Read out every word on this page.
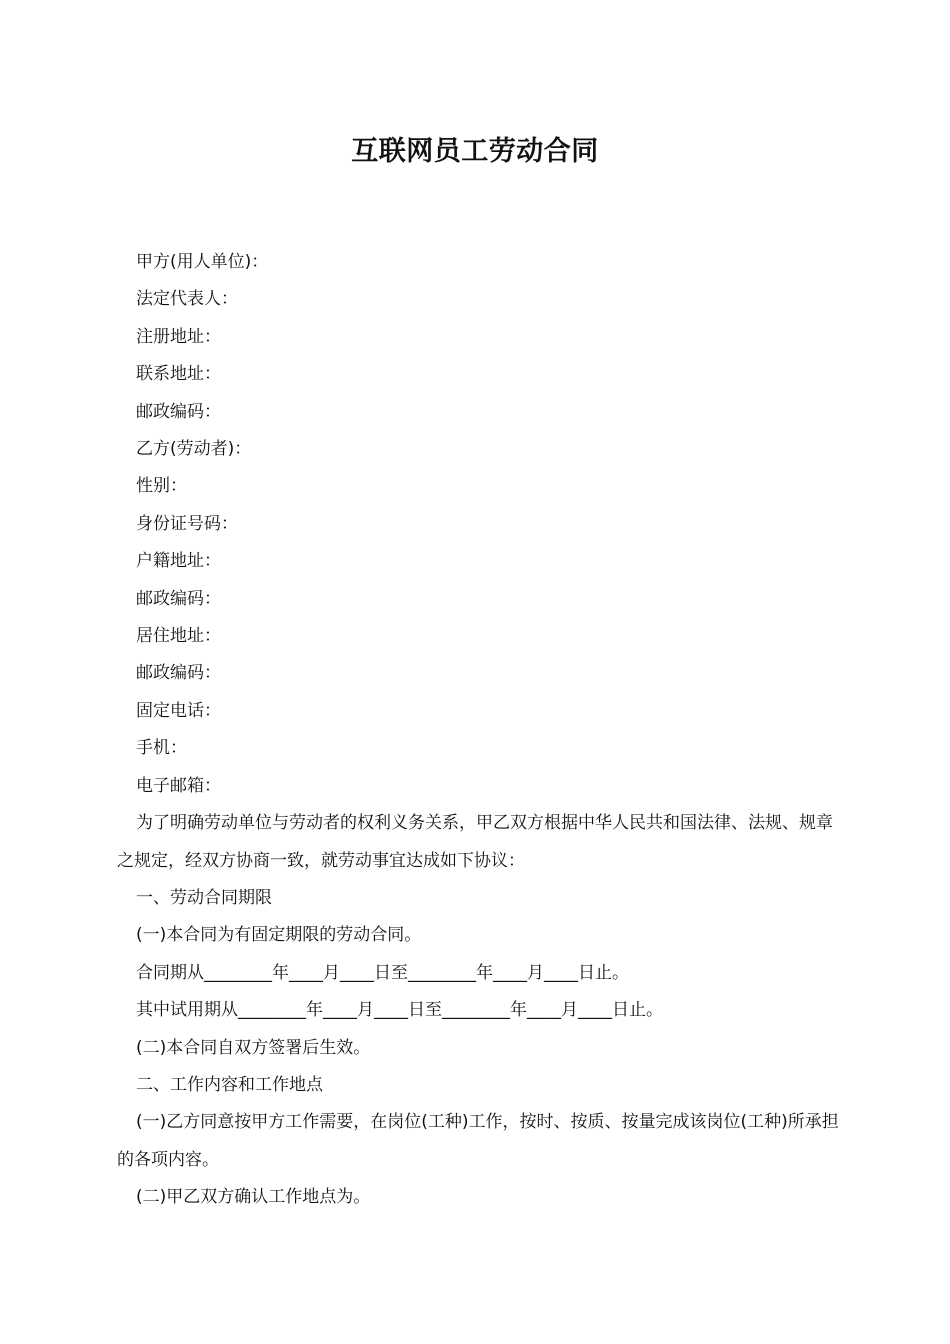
互联网员工劳动合同
甲方(用人单位)：
法定代表人：
注册地址：
联系地址：
邮政编码：
乙方(劳动者)：
性别：
身份证号码：
户籍地址：
邮政编码：
居住地址：
邮政编码：
固定电话：
手机：
电子邮箱：
为了明确劳动单位与劳动者的权利义务关系，甲乙双方根据中华人民共和国法律、法规、规章之规定，经双方协商一致，就劳动事宜达成如下协议：
一、劳动合同期限
(一)本合同为有固定期限的劳动合同。
合同期从________年____月____日至________年____月____日止。
其中试用期从________年____月____日至________年____月____日止。
(二)本合同自双方签署后生效。
二、工作内容和工作地点
(一)乙方同意按甲方工作需要，在岗位(工种)工作，按时、按质、按量完成该岗位(工种)所承担的各项内容。
(二)甲乙双方确认工作地点为。
